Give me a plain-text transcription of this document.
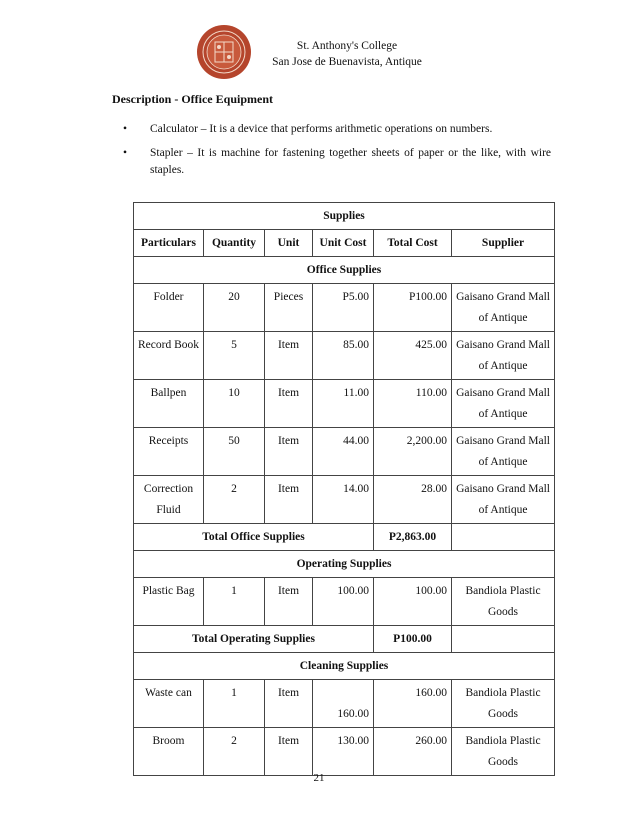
St. Anthony's College
San Jose de Buenavista, Antique
Description - Office Equipment
• Calculator – It is a device that performs arithmetic operations on numbers.
• Stapler – It is machine for fastening together sheets of paper or the like, with wire staples.
Supplies					
Particulars	Quantity	Unit	Unit Cost	Total Cost	Supplier
Office Supplies					
Folder	20	Pieces	P5.00	P100.00	Gaisano Grand Mall of Antique
Record Book	5	Item	85.00	425.00	Gaisano Grand Mall of Antique
Ballpen	10	Item	11.00	110.00	Gaisano Grand Mall of Antique
Receipts	50	Item	44.00	2,200.00	Gaisano Grand Mall of Antique
Correction Fluid	2	Item	14.00	28.00	Gaisano Grand Mall of Antique
Total Office Supplies				P2,863.00	
Operating Supplies					
Plastic Bag	1	Item	100.00	100.00	Bandiola Plastic Goods
Total Operating Supplies				P100.00	
Cleaning Supplies					
Waste can	1	Item	160.00	160.00	Bandiola Plastic Goods
Broom	2	Item	130.00	260.00	Bandiola Plastic Goods
21
